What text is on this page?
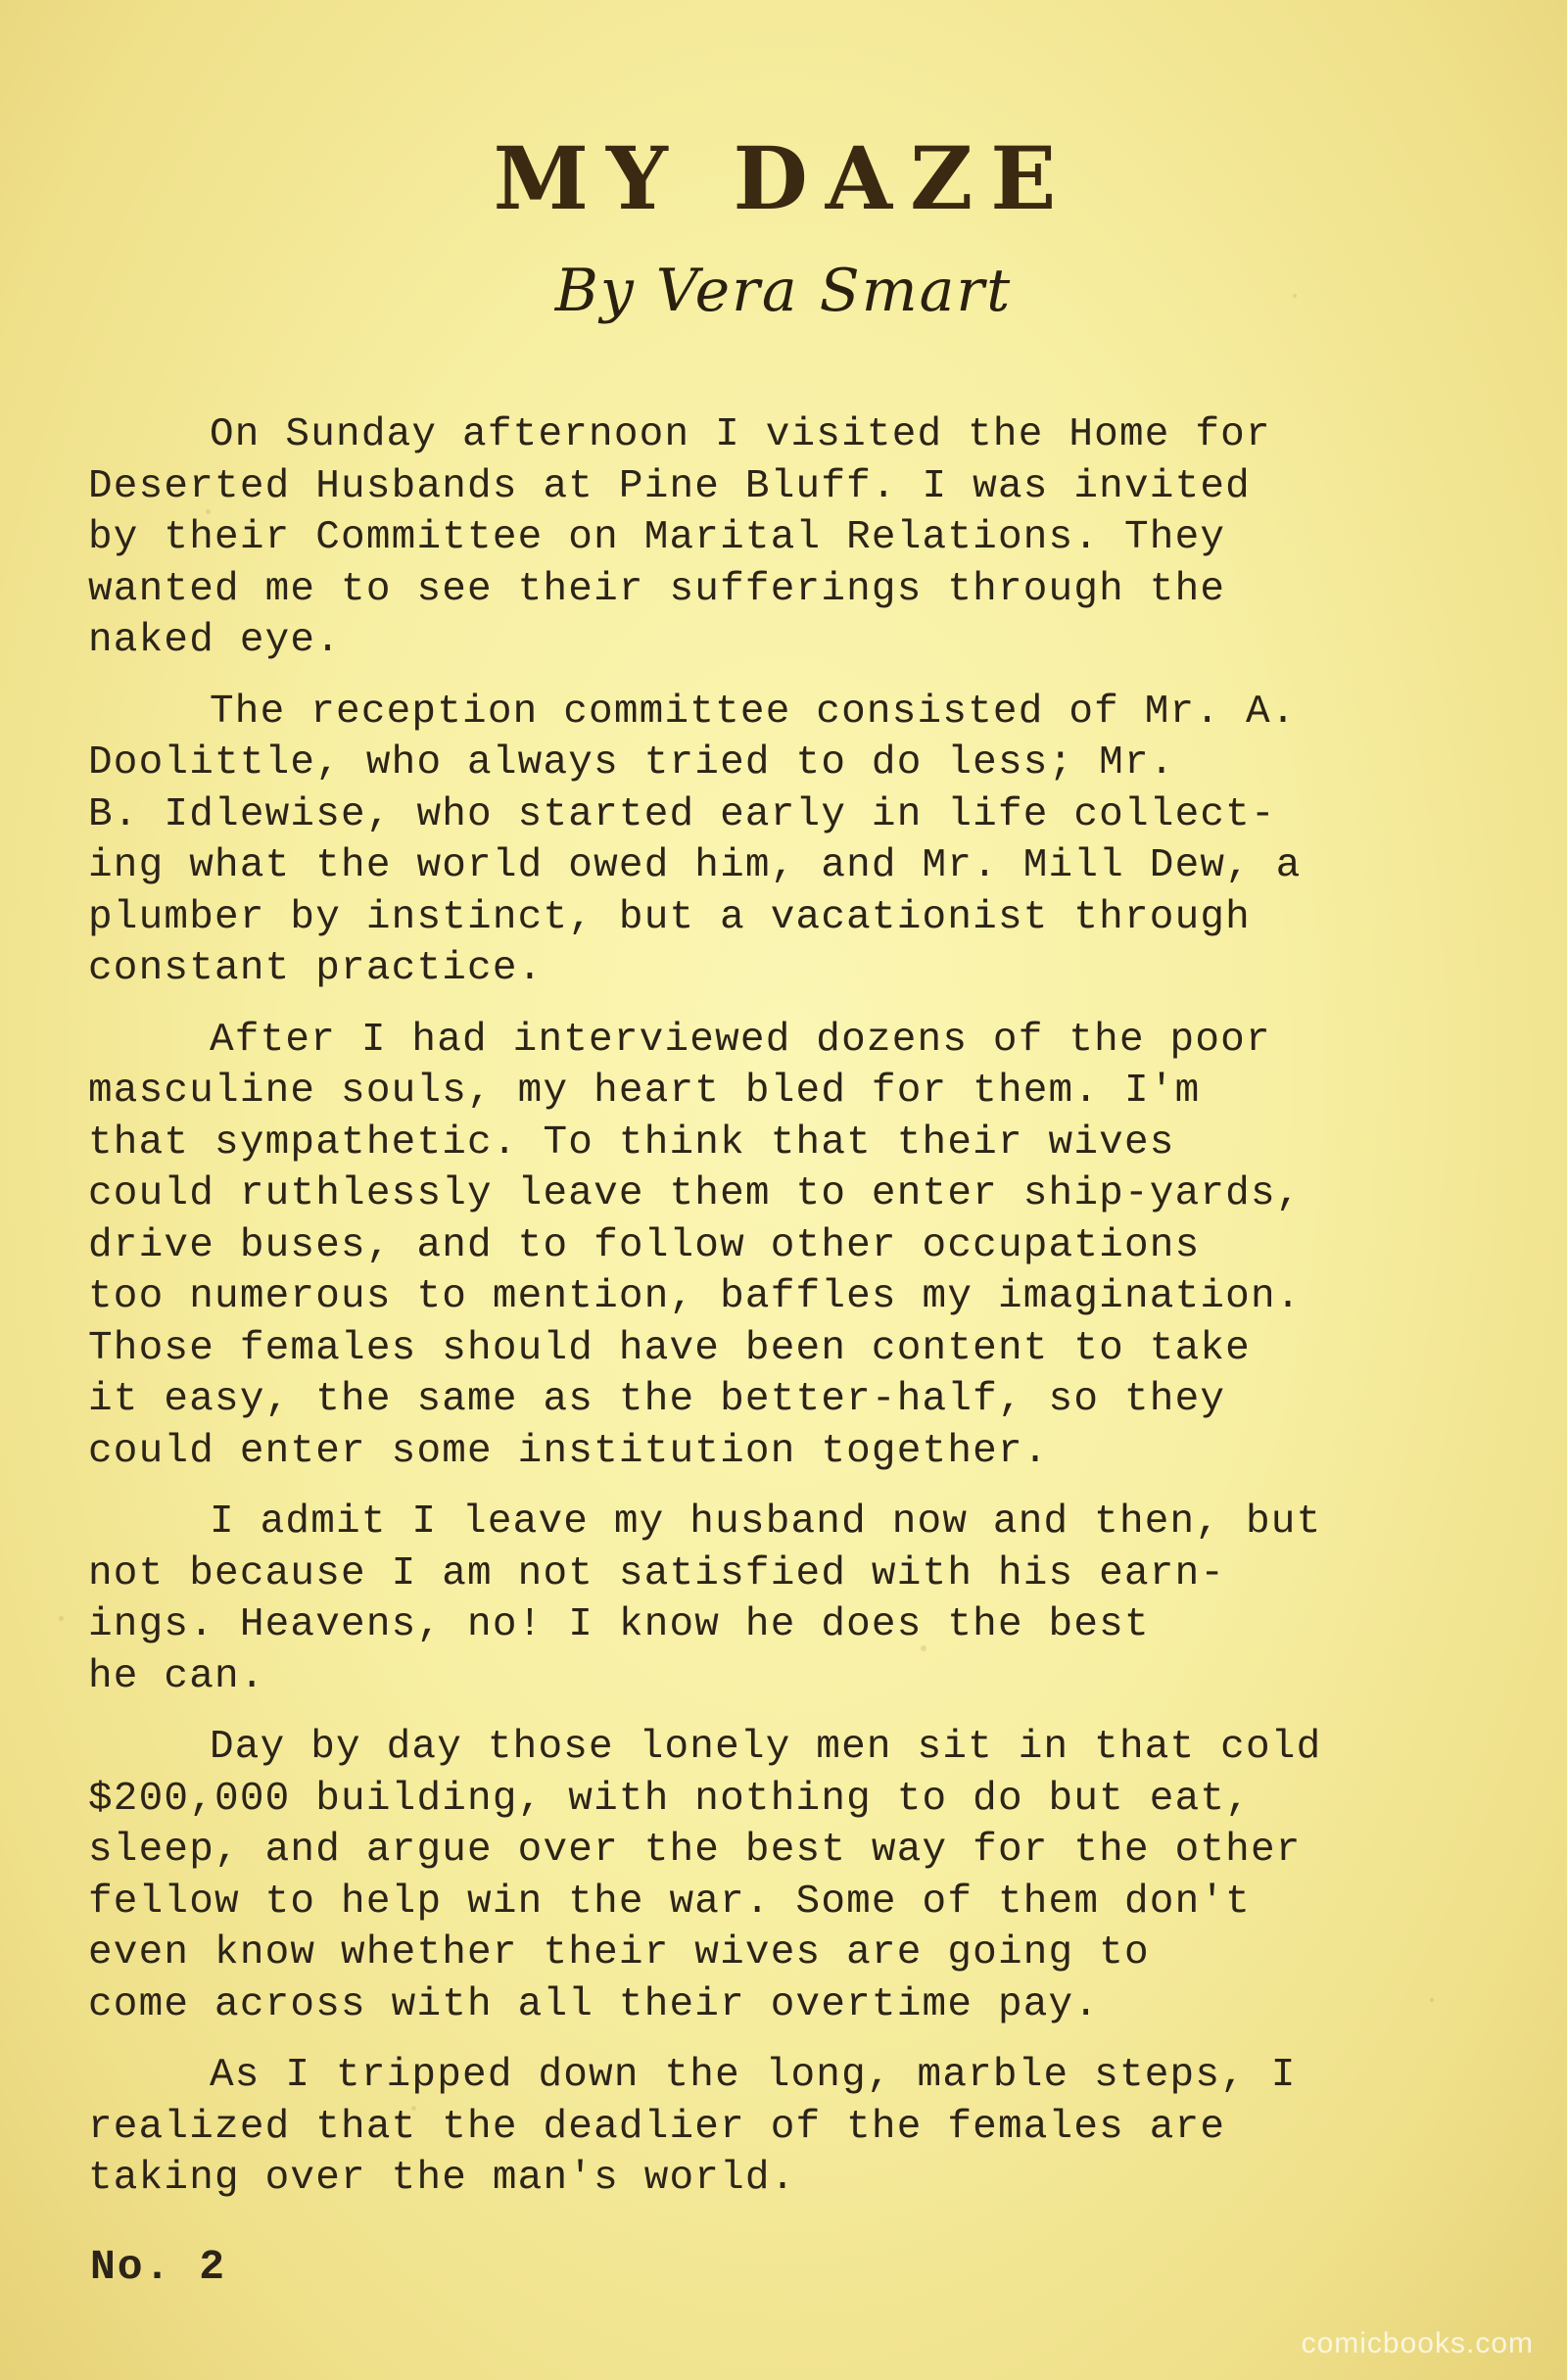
MY DAZE
By Vera Smart

On Sunday afternoon I visited the Home for
Deserted Husbands at Pine Bluff. I was invited
by their Committee on Marital Relations. They
wanted me to see their sufferings through the
naked eye.

The reception committee consisted of Mr. A.
Doolittle, who always tried to do less; Mr.
B. Idlewise, who started early in life collect-
ing what the world owed him, and Mr. Mill Dew, a
plumber by instinct, but a vacationist through
constant practice.

After I had interviewed dozens of the poor
masculine souls, my heart bled for them. I'm
that sympathetic. To think that their wives
could ruthlessly leave them to enter ship-yards,
drive buses, and to follow other occupations
too numerous to mention, baffles my imagination.
Those females should have been content to take
it easy, the same as the better-half, so they
could enter some institution together.

I admit I leave my husband now and then, but
not because I am not satisfied with his earn-
ings. Heavens, no! I know he does the best
he can.

Day by day those lonely men sit in that cold
$200,000 building, with nothing to do but eat,
sleep, and argue over the best way for the other
fellow to help win the war. Some of them don't
even know whether their wives are going to
come across with all their overtime pay.

As I tripped down the long, marble steps, I
realized that the deadlier of the females are
taking over the man's world.

No. 2
comicbooks.com
